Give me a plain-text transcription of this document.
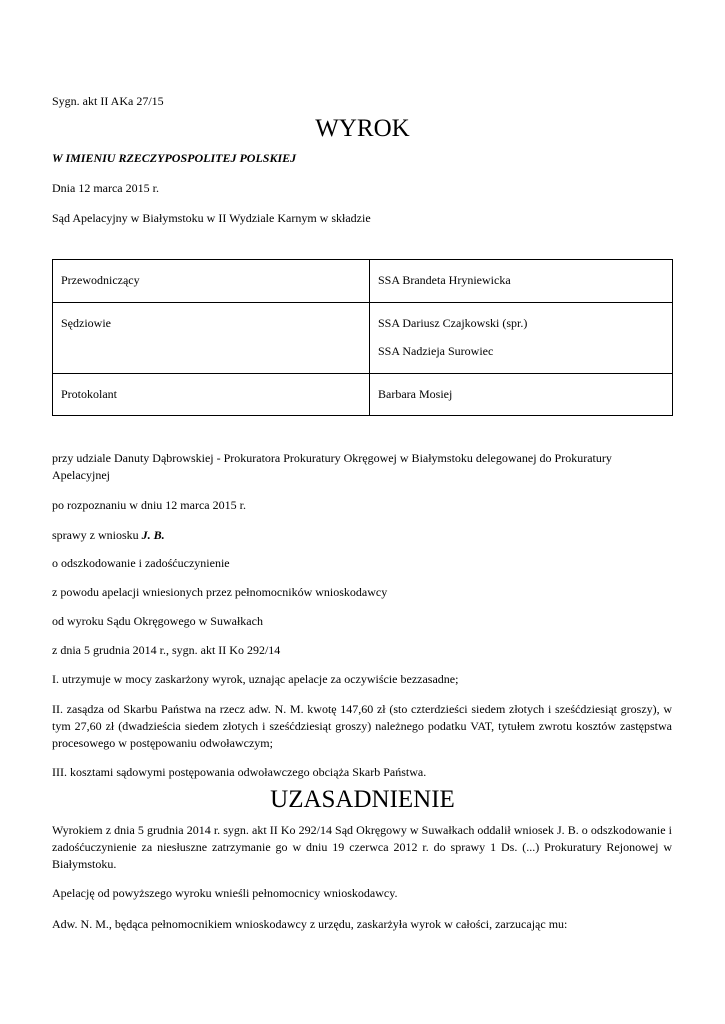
Sygn. akt II AKa 27/15

WYROK

W IMIENIU RZECZYPOSPOLITEJ POLSKIEJ

Dnia 12 marca 2015 r.

Sąd Apelacyjny w Białymstoku w II Wydziale Karnym w składzie

Przewodniczący	SSA Brandeta Hryniewicka

Sędziowie	SSA Dariusz Czajkowski (spr.)
SSA Nadzieja Surowiec

Protokolant	Barbara Mosiej

przy udziale Danuty Dąbrowskiej - Prokuratora Prokuratury Okręgowej w Białymstoku delegowanej do Prokuratury Apelacyjnej

po rozpoznaniu w dniu 12 marca 2015 r.

sprawy z wniosku J. B.

o odszkodowanie i zadośćuczynienie

z powodu apelacji wniesionych przez pełnomocników wnioskodawcy

od wyroku Sądu Okręgowego w Suwałkach

z dnia 5 grudnia 2014 r., sygn. akt II Ko 292/14

I. utrzymuje w mocy zaskarżony wyrok, uznając apelacje za oczywiście bezzasadne;

II. zasądza od Skarbu Państwa na rzecz adw. N. M. kwotę 147,60 zł (sto czterdzieści siedem złotych i sześćdziesiąt groszy), w tym 27,60 zł (dwadzieścia siedem złotych i sześćdziesiąt groszy) należnego podatku VAT, tytułem zwrotu kosztów zastępstwa procesowego w postępowaniu odwoławczym;

III. kosztami sądowymi postępowania odwoławczego obciąża Skarb Państwa.

UZASADNIENIE

Wyrokiem z dnia 5 grudnia 2014 r. sygn. akt II Ko 292/14 Sąd Okręgowy w Suwałkach oddalił wniosek J. B. o odszkodowanie i zadośćuczynienie za niesłuszne zatrzymanie go w dniu 19 czerwca 2012 r. do sprawy 1 Ds. (...) Prokuratury Rejonowej w Białymstoku.

Apelację od powyższego wyroku wnieśli pełnomocnicy wnioskodawcy.

Adw. N. M., będąca pełnomocnikiem wnioskodawcy z urzędu, zaskarżyła wyrok w całości, zarzucając mu:
